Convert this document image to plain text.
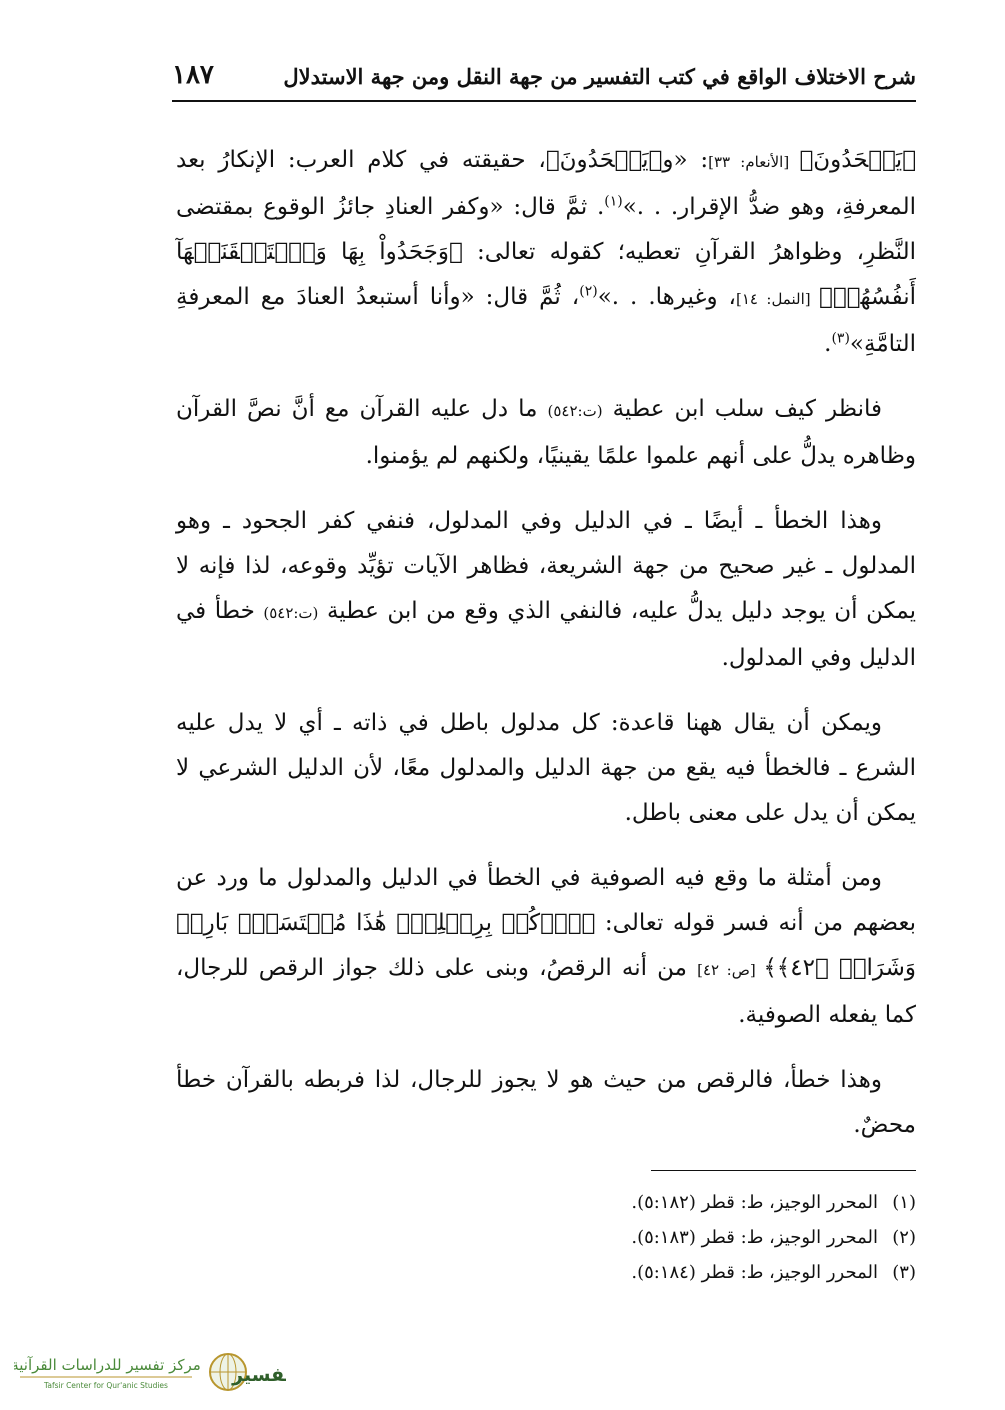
شرح الاختلاف الواقع في كتب التفسير من جهة النقل ومن جهة الاستدلال
١٨٧

﴿يَجۡحَدُونَ﴾ [الأنعام: ٣٣]: «و﴿يَجۡحَدُونَ﴾، حقيقته في كلام العرب: الإنكارُ بعد المعرفةِ، وهو ضدُّ الإقرار. . .»$^{(١)}$. ثمَّ قال: «وكفر العنادِ جائزُ الوقوع بمقتضى النَّظرِ، وظواهرُ القرآنِ تعطيه؛ كقوله تعالى: ﴿وَجَحَدُواْ بِهَا وَٱسۡتَيۡقَنَتۡهَآ أَنفُسُهُمۡ﴾ [النمل: ١٤]، وغيرها. . .»$^{(٢)}$، ثُمَّ قال: «وأنا أستبعدُ العنادَ مع المعرفةِ التامَّةِ»$^{(٣)}$.

فانظر كيف سلب ابن عطية (ت:٥٤٢) ما دل عليه القرآن مع أنَّ نصَّ القرآن وظاهره يدلُّ على أنهم علموا علمًا يقينيًا، ولكنهم لم يؤمنوا.

وهذا الخطأ ـ أيضًا ـ في الدليل وفي المدلول، فنفي كفر الجحود ـ وهو المدلول ـ غير صحيح من جهة الشريعة، فظاهر الآيات تؤيِّد وقوعه، لذا فإنه لا يمكن أن يوجد دليل يدلُّ عليه، فالنفي الذي وقع من ابن عطية (ت:٥٤٢) خطأ في الدليل وفي المدلول.

ويمكن أن يقال ههنا قاعدة: كل مدلول باطل في ذاته ـ أي لا يدل عليه الشرع ـ فالخطأ فيه يقع من جهة الدليل والمدلول معًا، لأن الدليل الشرعي لا يمكن أن يدل على معنى باطل.

ومن أمثلة ما وقع فيه الصوفية في الخطأ في الدليل والمدلول ما ورد عن بعضهم من أنه فسر قوله تعالى: ﴿ٱرۡكُضۡ بِرِجۡلِكَۖ هَٰذَا مُغۡتَسَلُۢ بَارِدٞ وَشَرَابٞ ﴿٤٢﴾﴾ [ص: ٤٢] من أنه الرقصُ، وبنى على ذلك جواز الرقص للرجال، كما يفعله الصوفية.

وهذا خطأ، فالرقص من حيث هو لا يجوز للرجال، لذا فربطه بالقرآن خطأ محضٌ.

(١)
المحرر الوجيز، ط: قطر (٥:١٨٢).
(٢)
المحرر الوجيز، ط: قطر (٥:١٨٣).
(٣)
المحرر الوجيز، ط: قطر (٥:١٨٤).
مركز تفسير للدراسات القرآنية
Tafsir Center for Qur'anic Studies	تفسير
